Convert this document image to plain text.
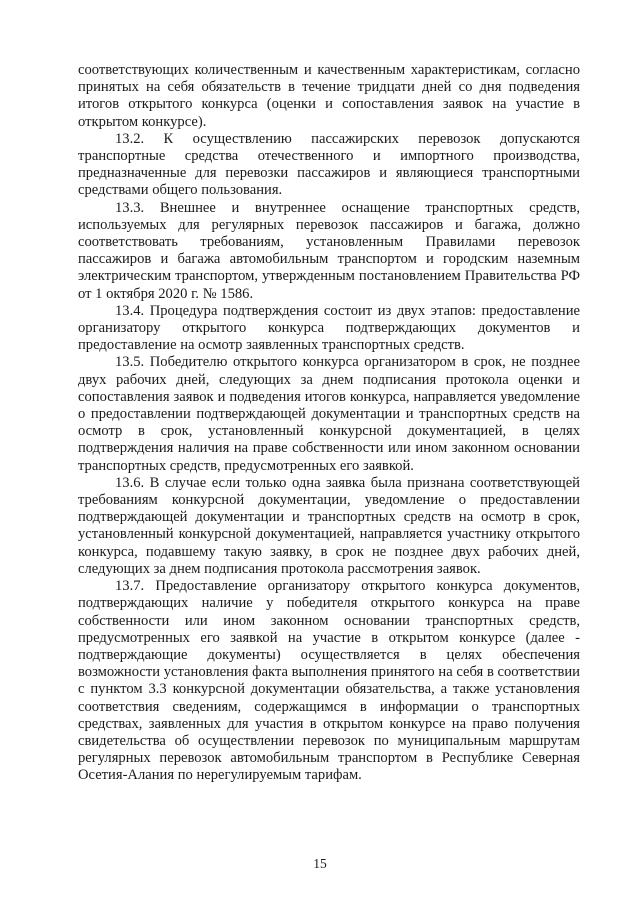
соответствующих количественным и качественным характеристикам, согласно принятых на себя обязательств в течение тридцати дней со дня подведения итогов открытого конкурса (оценки и сопоставления заявок на участие в открытом конкурсе).

13.2. К осуществлению пассажирских перевозок допускаются транспортные средства отечественного и импортного производства, предназначенные для перевозки пассажиров и являющиеся транспортными средствами общего пользования.

13.3. Внешнее и внутреннее оснащение транспортных средств, используемых для регулярных перевозок пассажиров и багажа, должно соответствовать требованиям, установленным Правилами перевозок пассажиров и багажа автомобильным транспортом и городским наземным электрическим транспортом, утвержденным постановлением Правительства РФ от 1 октября 2020 г. № 1586.

13.4. Процедура подтверждения состоит из двух этапов: предоставление организатору открытого конкурса подтверждающих документов и предоставление на осмотр заявленных транспортных средств.

13.5. Победителю открытого конкурса организатором в срок, не позднее двух рабочих дней, следующих за днем подписания протокола оценки и сопоставления заявок и подведения итогов конкурса, направляется уведомление о предоставлении подтверждающей документации и транспортных средств на осмотр в срок, установленный конкурсной документацией, в целях подтверждения наличия на праве собственности или ином законном основании транспортных средств, предусмотренных его заявкой.

13.6. В случае если только одна заявка была признана соответствующей требованиям конкурсной документации, уведомление о предоставлении подтверждающей документации и транспортных средств на осмотр в срок, установленный конкурсной документацией, направляется участнику открытого конкурса, подавшему такую заявку, в срок не позднее двух рабочих дней, следующих за днем подписания протокола рассмотрения заявок.

13.7. Предоставление организатору открытого конкурса документов, подтверждающих наличие у победителя открытого конкурса на праве собственности или ином законном основании транспортных средств, предусмотренных его заявкой на участие в открытом конкурсе (далее - подтверждающие документы) осуществляется в целях обеспечения возможности установления факта выполнения принятого на себя в соответствии с пунктом 3.3 конкурсной документации обязательства, а также установления соответствия сведениям, содержащимся в информации о транспортных средствах, заявленных для участия в открытом конкурсе на право получения свидетельства об осуществлении перевозок по муниципальным маршрутам регулярных перевозок автомобильным транспортом в Республике Северная Осетия-Алания по нерегулируемым тарифам.

15
